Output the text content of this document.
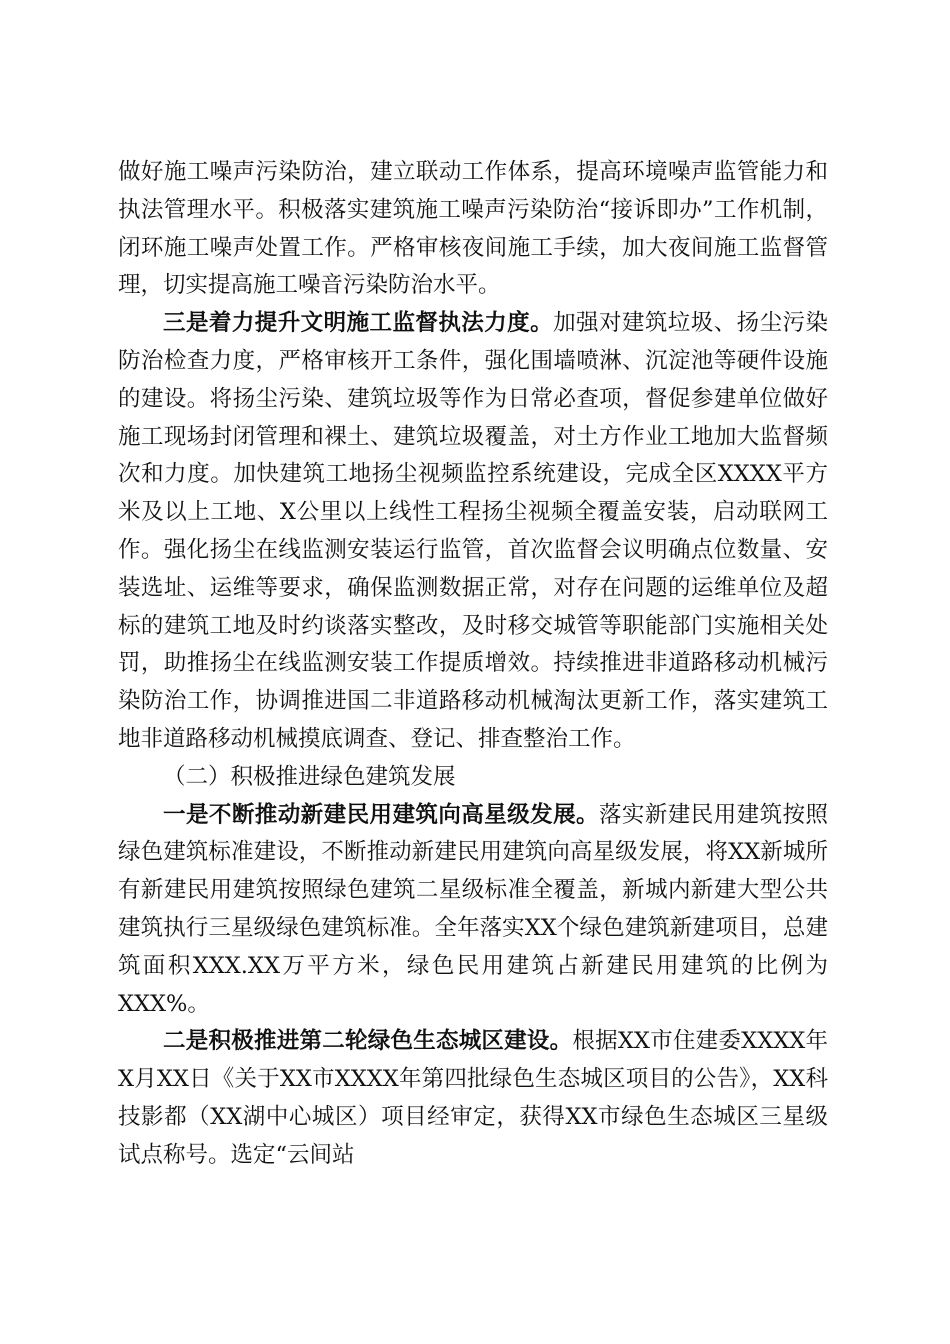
做好施工噪声污染防治，建立联动工作体系，提高环境噪声监管能力和执法管理水平。积极落实建筑施工噪声污染防治“接诉即办”工作机制，闭环施工噪声处置工作。严格审核夜间施工手续，加大夜间施工监督管理，切实提高施工噪音污染防治水平。

三是着力提升文明施工监督执法力度。加强对建筑垃圾、扬尘污染防治检查力度，严格审核开工条件，强化围墙喷淋、沉淀池等硬件设施的建设。将扬尘污染、建筑垃圾等作为日常必查项，督促参建单位做好施工现场封闭管理和裸土、建筑垃圾覆盖，对土方作业工地加大监督频次和力度。加快建筑工地扬尘视频监控系统建设，完成全区XXXX平方米及以上工地、X公里以上线性工程扬尘视频全覆盖安装，启动联网工作。强化扬尘在线监测安装运行监管，首次监督会议明确点位数量、安装选址、运维等要求，确保监测数据正常，对存在问题的运维单位及超标的建筑工地及时约谈落实整改，及时移交城管等职能部门实施相关处罚，助推扬尘在线监测安装工作提质增效。持续推进非道路移动机械污染防治工作，协调推进国二非道路移动机械淘汰更新工作，落实建筑工地非道路移动机械摸底调查、登记、排查整治工作。

（二）积极推进绿色建筑发展

一是不断推动新建民用建筑向高星级发展。落实新建民用建筑按照绿色建筑标准建设，不断推动新建民用建筑向高星级发展，将XX新城所有新建民用建筑按照绿色建筑二星级标准全覆盖，新城内新建大型公共建筑执行三星级绿色建筑标准。全年落实XX个绿色建筑新建项目，总建筑面积XXX.XX万平方米，绿色民用建筑占新建民用建筑的比例为XXX%。

二是积极推进第二轮绿色生态城区建设。根据XX市住建委XXXX年X月XX日《关于XX市XXXX年第四批绿色生态城区项目的公告》，XX科技影都（XX湖中心城区）项目经审定，获得XX市绿色生态城区三星级试点称号。选定“云间站
